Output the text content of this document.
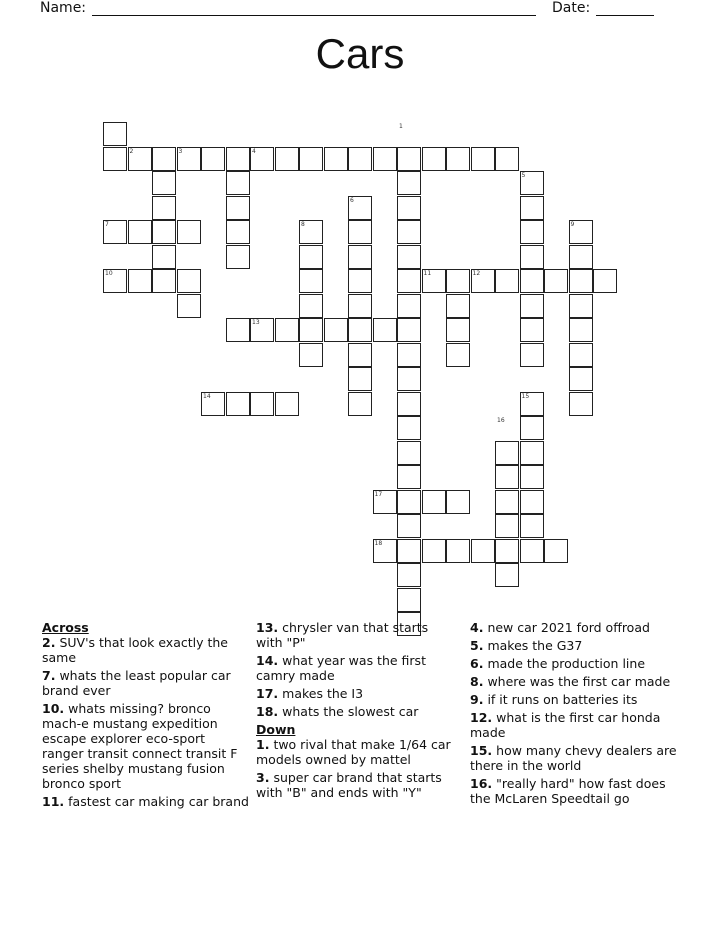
Name:	Date:
Cars
1
2	3	4
5
6
7	8	9
10	11	12
13
14	15
16
17
18
Across
2. SUV's that look exactly the same
7. whats the least popular car brand ever
10. whats missing? bronco mach-e mustang expedition escape explorer eco-sport ranger transit connect transit F series shelby mustang fusion bronco sport
11. fastest car making car brand
13. chrysler van that starts with "P"
14. what year was the first camry made
17. makes the I3
18. whats the slowest car
Down
1. two rival that make 1/64 car models owned by mattel
3. super car brand that starts with "B" and ends with "Y"
4. new car 2021 ford offroad
5. makes the G37
6. made the production line
8. where was the first car made
9. if it runs on batteries its
12. what is the first car honda made
15. how many chevy dealers are there in the world
16. "really hard" how fast does the McLaren Speedtail go
